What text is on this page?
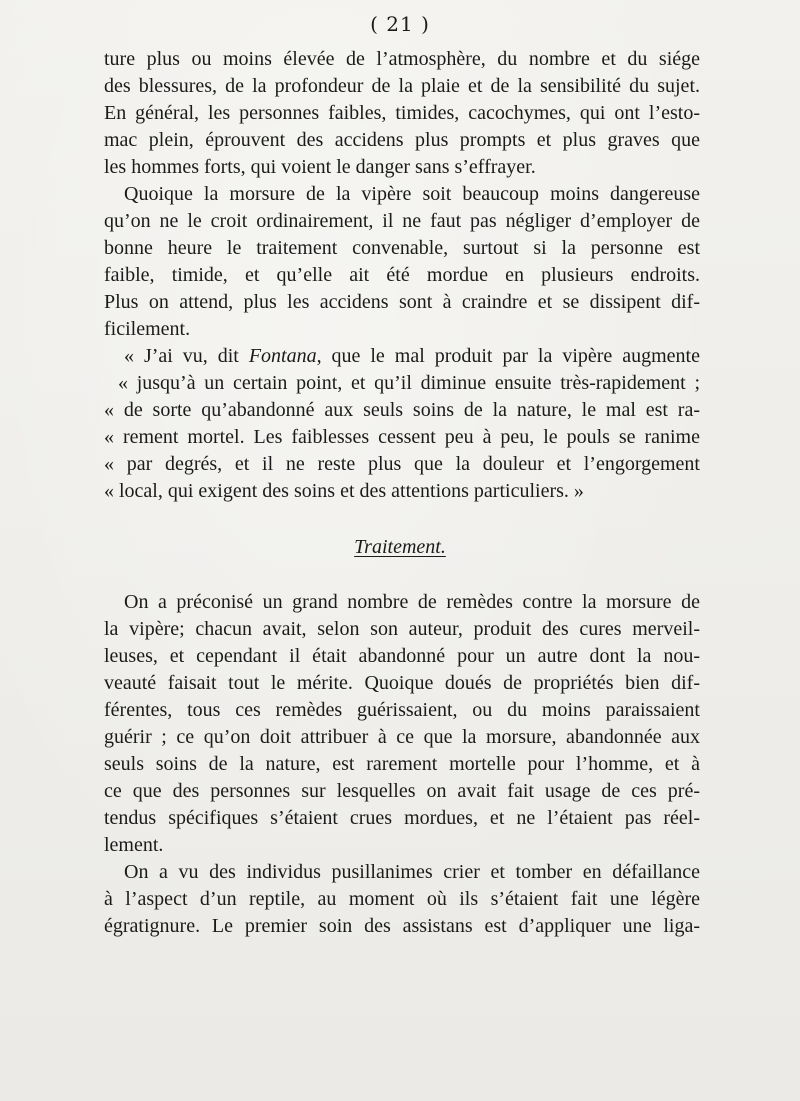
( 21 )
ture plus ou moins élevée de l’atmosphère, du nombre et du siége
des blessures, de la profondeur de la plaie et de la sensibilité du sujet.
En général, les personnes faibles, timides, cacochymes, qui ont l’esto-
mac plein, éprouvent des accidens plus prompts et plus graves que
les hommes forts, qui voient le danger sans s’effrayer.
Quoique la morsure de la vipère soit beaucoup moins dangereuse
qu’on ne le croit ordinairement, il ne faut pas négliger d’employer de
bonne heure le traitement convenable, surtout si la personne est
faible, timide, et qu’elle ait été mordue en plusieurs endroits.
Plus on attend, plus les accidens sont à craindre et se dissipent dif-
ficilement.
« J’ai vu, dit Fontana, que le mal produit par la vipère augmente
« jusqu’à un certain point, et qu’il diminue ensuite très-rapidement ;
« de sorte qu’abandonné aux seuls soins de la nature, le mal est ra-
« rement mortel. Les faiblesses cessent peu à peu, le pouls se ranime
« par degrés, et il ne reste plus que la douleur et l’engorgement
« local, qui exigent des soins et des attentions particuliers. »
Traitement.
On a préconisé un grand nombre de remèdes contre la morsure de
la vipère; chacun avait, selon son auteur, produit des cures merveil-
leuses, et cependant il était abandonné pour un autre dont la nou-
veauté faisait tout le mérite. Quoique doués de propriétés bien dif-
férentes, tous ces remèdes guérissaient, ou du moins paraissaient
guérir ; ce qu’on doit attribuer à ce que la morsure, abandonnée aux
seuls soins de la nature, est rarement mortelle pour l’homme, et à
ce que des personnes sur lesquelles on avait fait usage de ces pré-
tendus spécifiques s’étaient crues mordues, et ne l’étaient pas réel-
lement.
On a vu des individus pusillanimes crier et tomber en défaillance
à l’aspect d’un reptile, au moment où ils s’étaient fait une légère
égratignure. Le premier soin des assistans est d’appliquer une liga-
